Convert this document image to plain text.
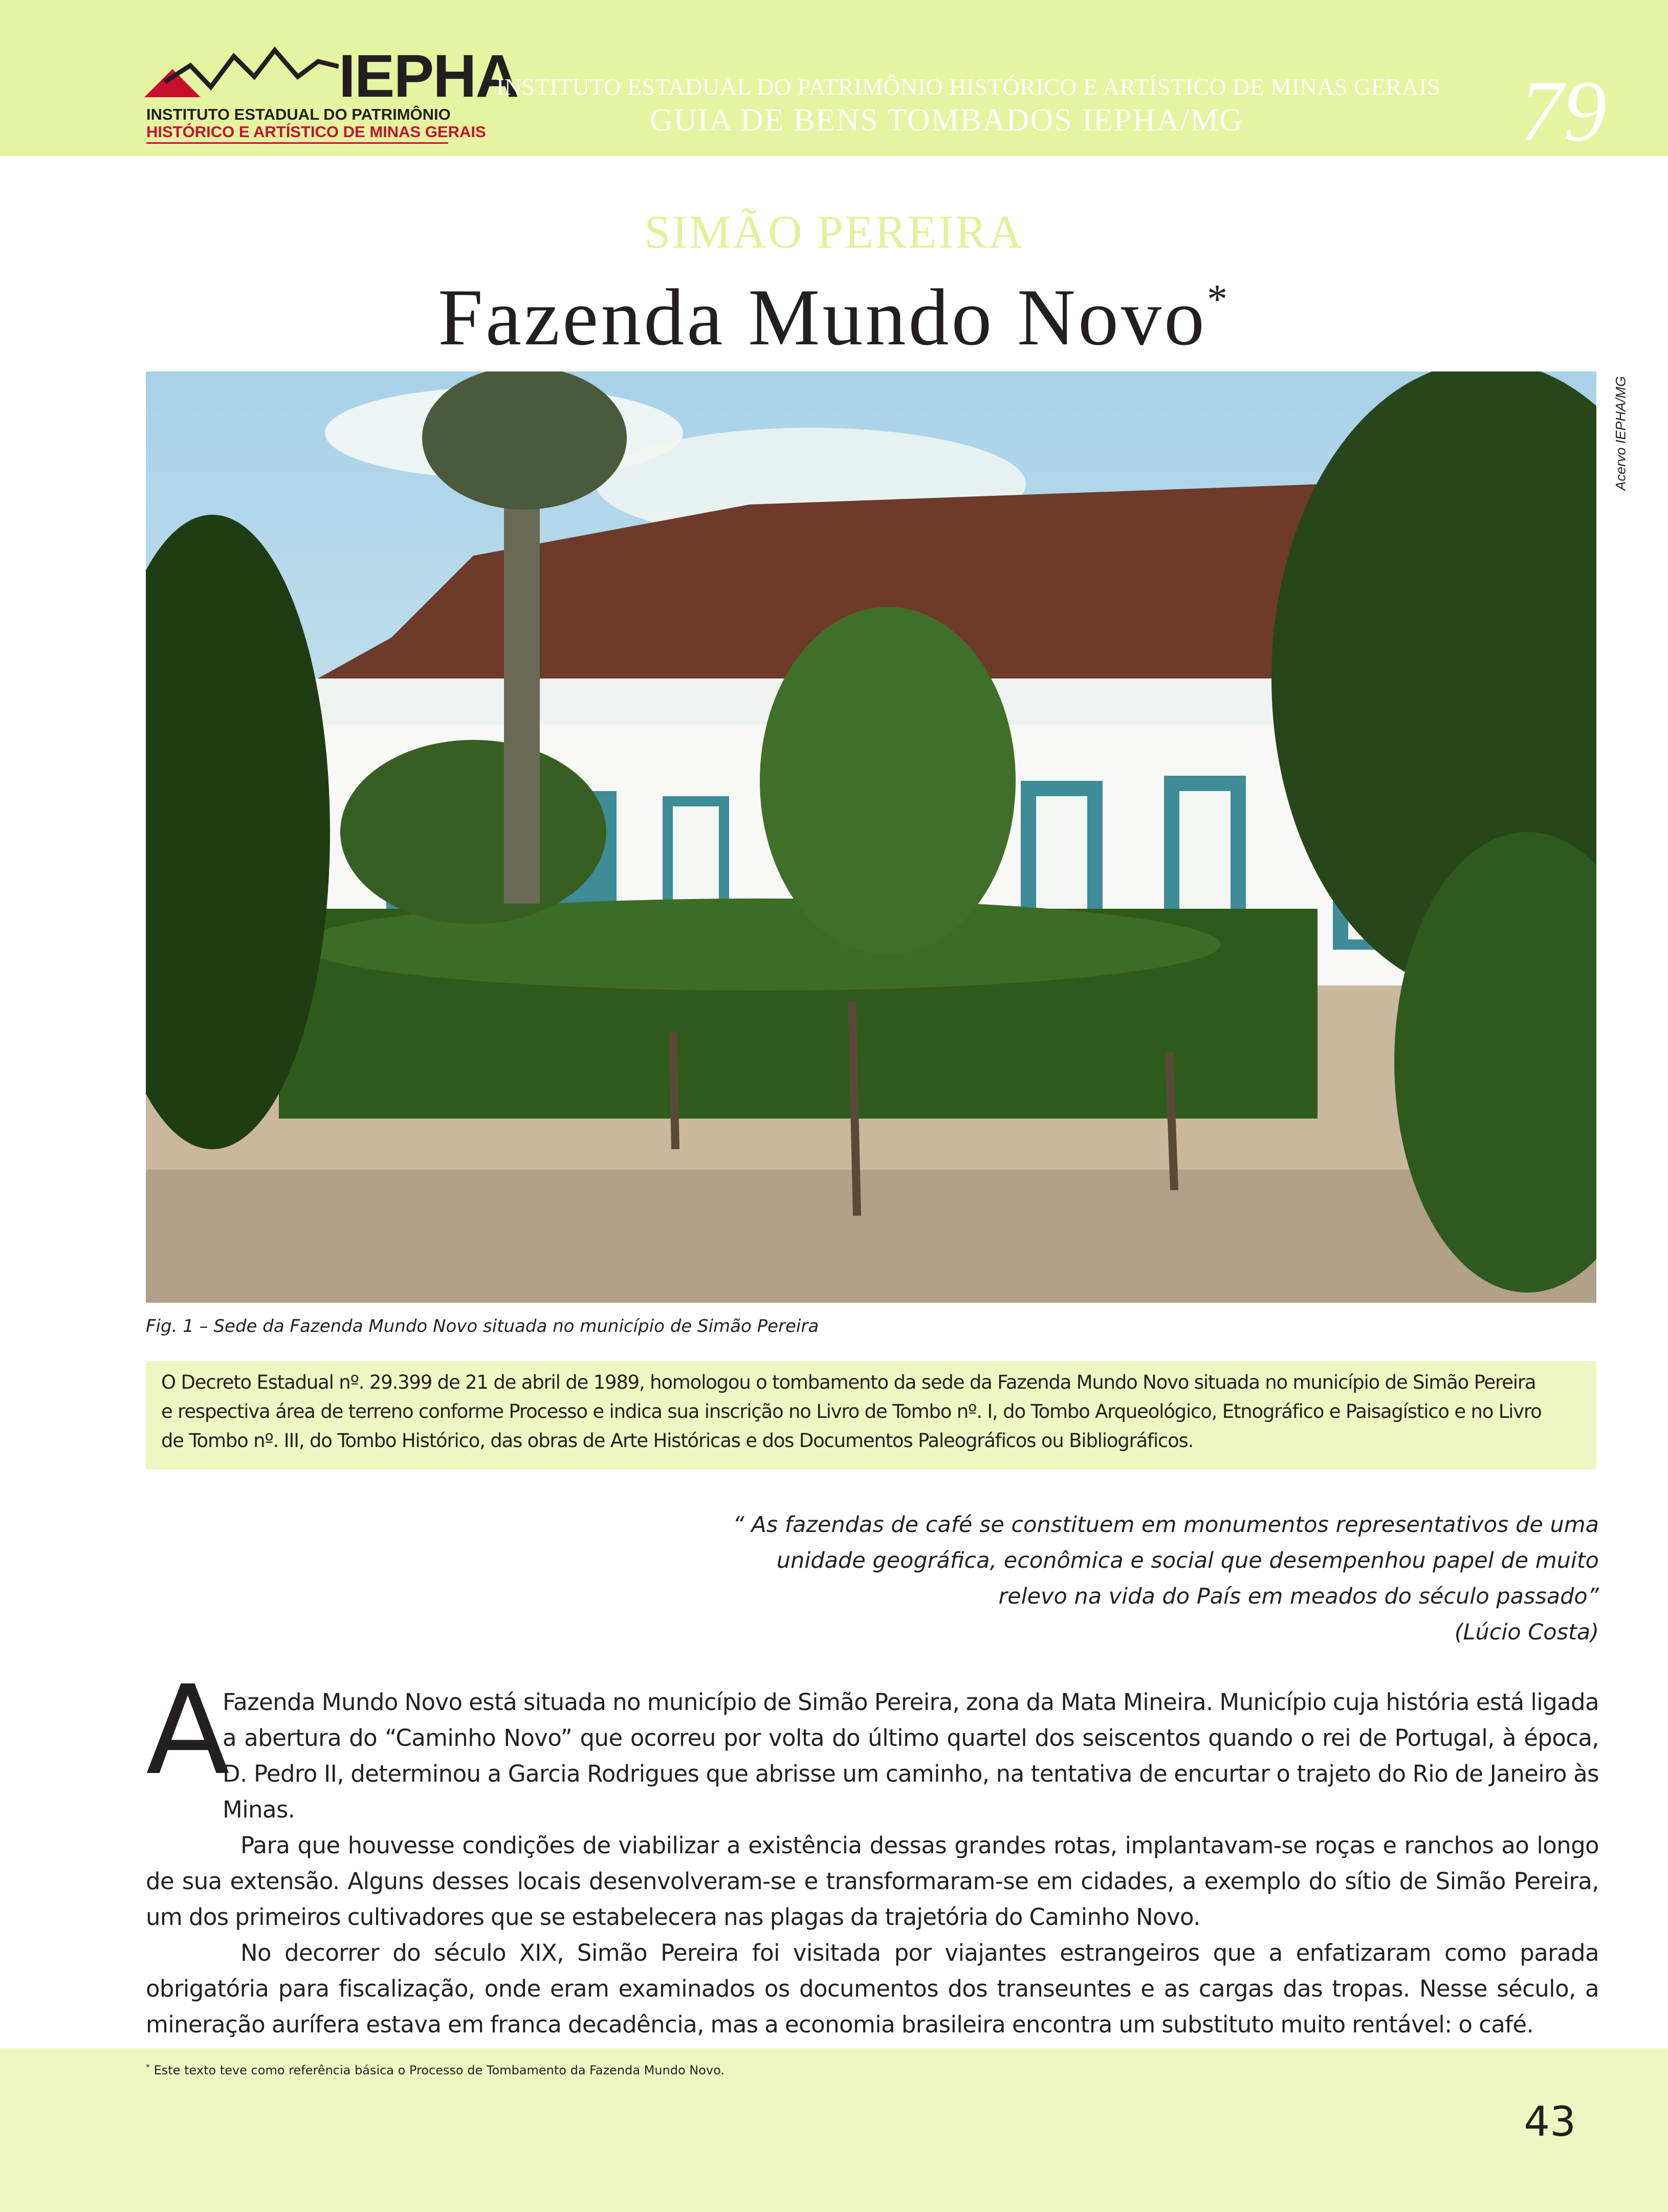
IEPHA
INSTITUTO ESTADUAL DO PATRIMÔNIO
HISTÓRICO E ARTÍSTICO DE MINAS GERAIS
INSTITUTO ESTADUAL DO PATRIMÔNIO HISTÓRICO E ARTÍSTICO DE MINAS GERAIS
GUIA DE BENS TOMBADOS IEPHA/MG	79
SIMÃO PEREIRA
Fazenda Mundo Novo*
Acervo IEPHA/MG
Fig. 1 – Sede da Fazenda Mundo Novo situada no município de Simão Pereira
O Decreto Estadual nº. 29.399 de 21 de abril de 1989, homologou o tombamento da sede da Fazenda Mundo Novo situada no município de Simão Pereira
e respectiva área de terreno conforme Processo e indica sua inscrição no Livro de Tombo nº. I, do Tombo Arqueológico, Etnográfico e Paisagístico e no Livro
de Tombo nº. III, do Tombo Histórico, das obras de Arte Históricas e dos Documentos Paleográficos ou Bibliográficos.
“ As fazendas de café se constituem em monumentos representativos de uma
unidade geográfica, econômica e social que desempenhou papel de muito
relevo na vida do País em meados do século passado”
(Lúcio Costa)
A

Fazenda Mundo Novo está situada no município de Simão Pereira, zona da Mata Mineira. Município cuja história está ligada a abertura do “Caminho Novo” que ocorreu por volta do último quartel dos seiscentos quando o rei de Portugal, à época, D. Pedro II, determinou a Garcia Rodrigues que abrisse um caminho, na tentativa de encurtar o trajeto do Rio de Janeiro às Minas.

Para que houvesse condições de viabilizar a existência dessas grandes rotas, implantavam-se roças e ranchos ao longo de sua extensão. Alguns desses locais desenvolveram-se e transformaram-se em cidades, a exemplo do sítio de Simão Pereira, um dos primeiros cultivadores que se estabelecera nas plagas da trajetória do Caminho Novo.

No decorrer do século XIX, Simão Pereira foi visitada por viajantes estrangeiros que a enfatizaram como parada obrigatória para fiscalização, onde eram examinados os documentos dos transeuntes e as cargas das tropas. Nesse século, a mineração aurífera estava em franca decadência, mas a economia brasileira encontra um substituto muito rentável: o café.

* Este texto teve como referência básica o Processo de Tombamento da Fazenda Mundo Novo.
43
